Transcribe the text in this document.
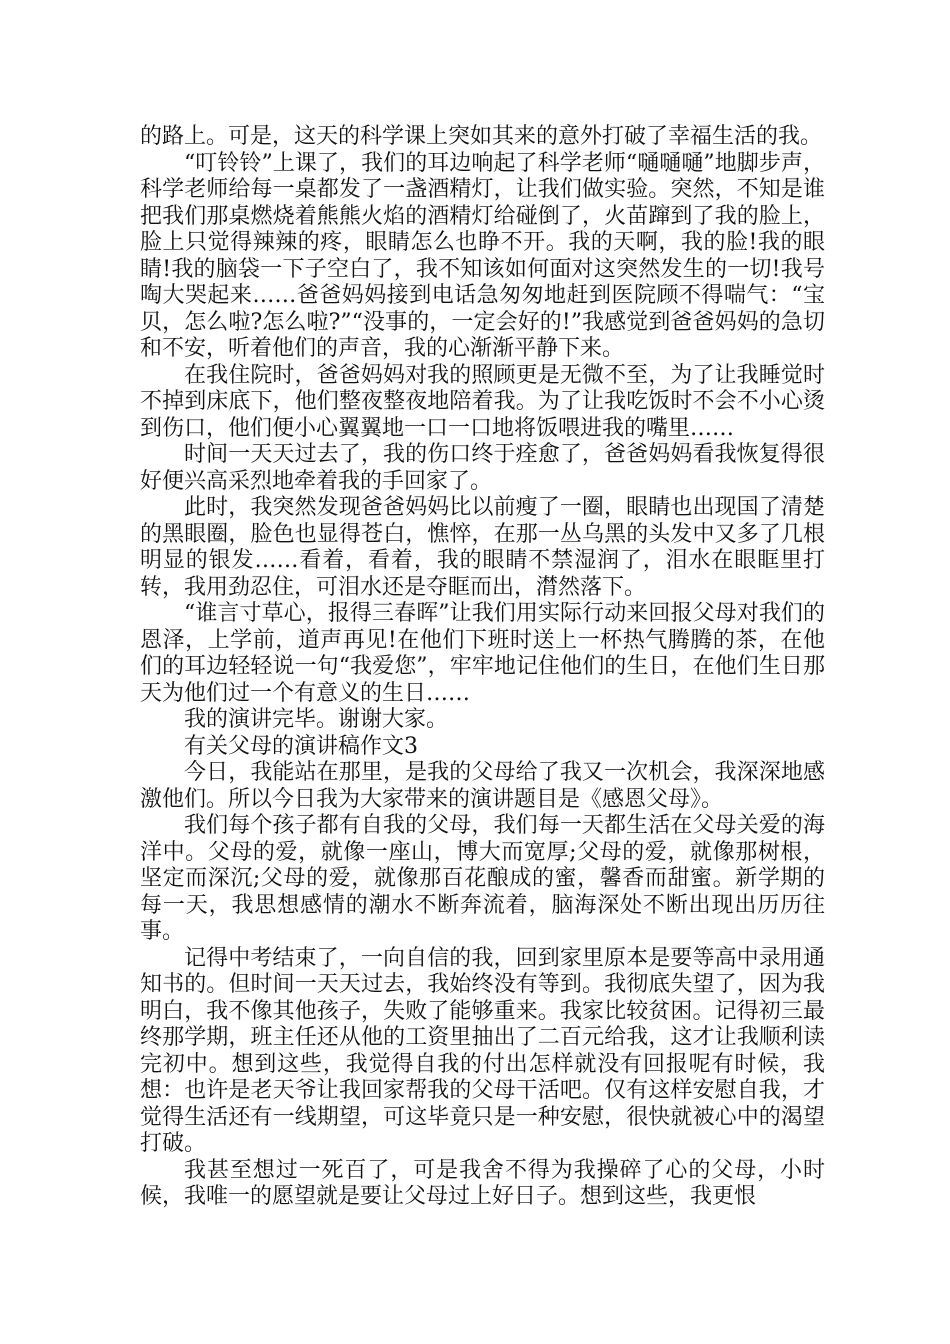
的路上。可是，这天的科学课上突如其来的意外打破了幸福生活的我。

“叮铃铃”上课了，我们的耳边响起了科学老师“嗵嗵嗵”地脚步声，科学老师给每一桌都发了一盏酒精灯，让我们做实验。突然，不知是谁把我们那桌燃烧着熊熊火焰的酒精灯给碰倒了，火苗蹿到了我的脸上，脸上只觉得辣辣的疼，眼睛怎么也睁不开。我的天啊，我的脸!我的眼睛!我的脑袋一下子空白了，我不知该如何面对这突然发生的一切!我号啕大哭起来……爸爸妈妈接到电话急匆匆地赶到医院顾不得喘气：“宝贝，怎么啦?怎么啦?”“没事的，一定会好的!”我感觉到爸爸妈妈的急切和不安，听着他们的声音，我的心渐渐平静下来。

在我住院时，爸爸妈妈对我的照顾更是无微不至，为了让我睡觉时不掉到床底下，他们整夜整夜地陪着我。为了让我吃饭时不会不小心烫到伤口，他们便小心翼翼地一口一口地将饭喂进我的嘴里……

时间一天天过去了，我的伤口终于痊愈了，爸爸妈妈看我恢复得很好便兴高采烈地牵着我的手回家了。

此时，我突然发现爸爸妈妈比以前瘦了一圈，眼睛也出现国了清楚的黑眼圈，脸色也显得苍白，憔悴，在那一丛乌黑的头发中又多了几根明显的银发……看着，看着，我的眼睛不禁湿润了，泪水在眼眶里打转，我用劲忍住，可泪水还是夺眶而出，潸然落下。

“谁言寸草心，报得三春晖”让我们用实际行动来回报父母对我们的恩泽，上学前，道声再见!在他们下班时送上一杯热气腾腾的茶，在他们的耳边轻轻说一句“我爱您”，牢牢地记住他们的生日，在他们生日那天为他们过一个有意义的生日……

我的演讲完毕。谢谢大家。

有关父母的演讲稿作文3

今日，我能站在那里，是我的父母给了我又一次机会，我深深地感激他们。所以今日我为大家带来的演讲题目是《感恩父母》。

我们每个孩子都有自我的父母，我们每一天都生活在父母关爱的海洋中。父母的爱，就像一座山，博大而宽厚;父母的爱，就像那树根，坚定而深沉;父母的爱，就像那百花酿成的蜜，馨香而甜蜜。新学期的每一天，我思想感情的潮水不断奔流着，脑海深处不断出现出历历往事。

记得中考结束了，一向自信的我，回到家里原本是要等高中录用通知书的。但时间一天天过去，我始终没有等到。我彻底失望了，因为我明白，我不像其他孩子，失败了能够重来。我家比较贫困。记得初三最终那学期，班主任还从他的工资里抽出了二百元给我，这才让我顺利读完初中。想到这些，我觉得自我的付出怎样就没有回报呢有时候，我想：也许是老天爷让我回家帮我的父母干活吧。仅有这样安慰自我，才觉得生活还有一线期望，可这毕竟只是一种安慰，很快就被心中的渴望打破。

我甚至想过一死百了，可是我舍不得为我操碎了心的父母，小时候，我唯一的愿望就是要让父母过上好日子。想到这些，我更恨
